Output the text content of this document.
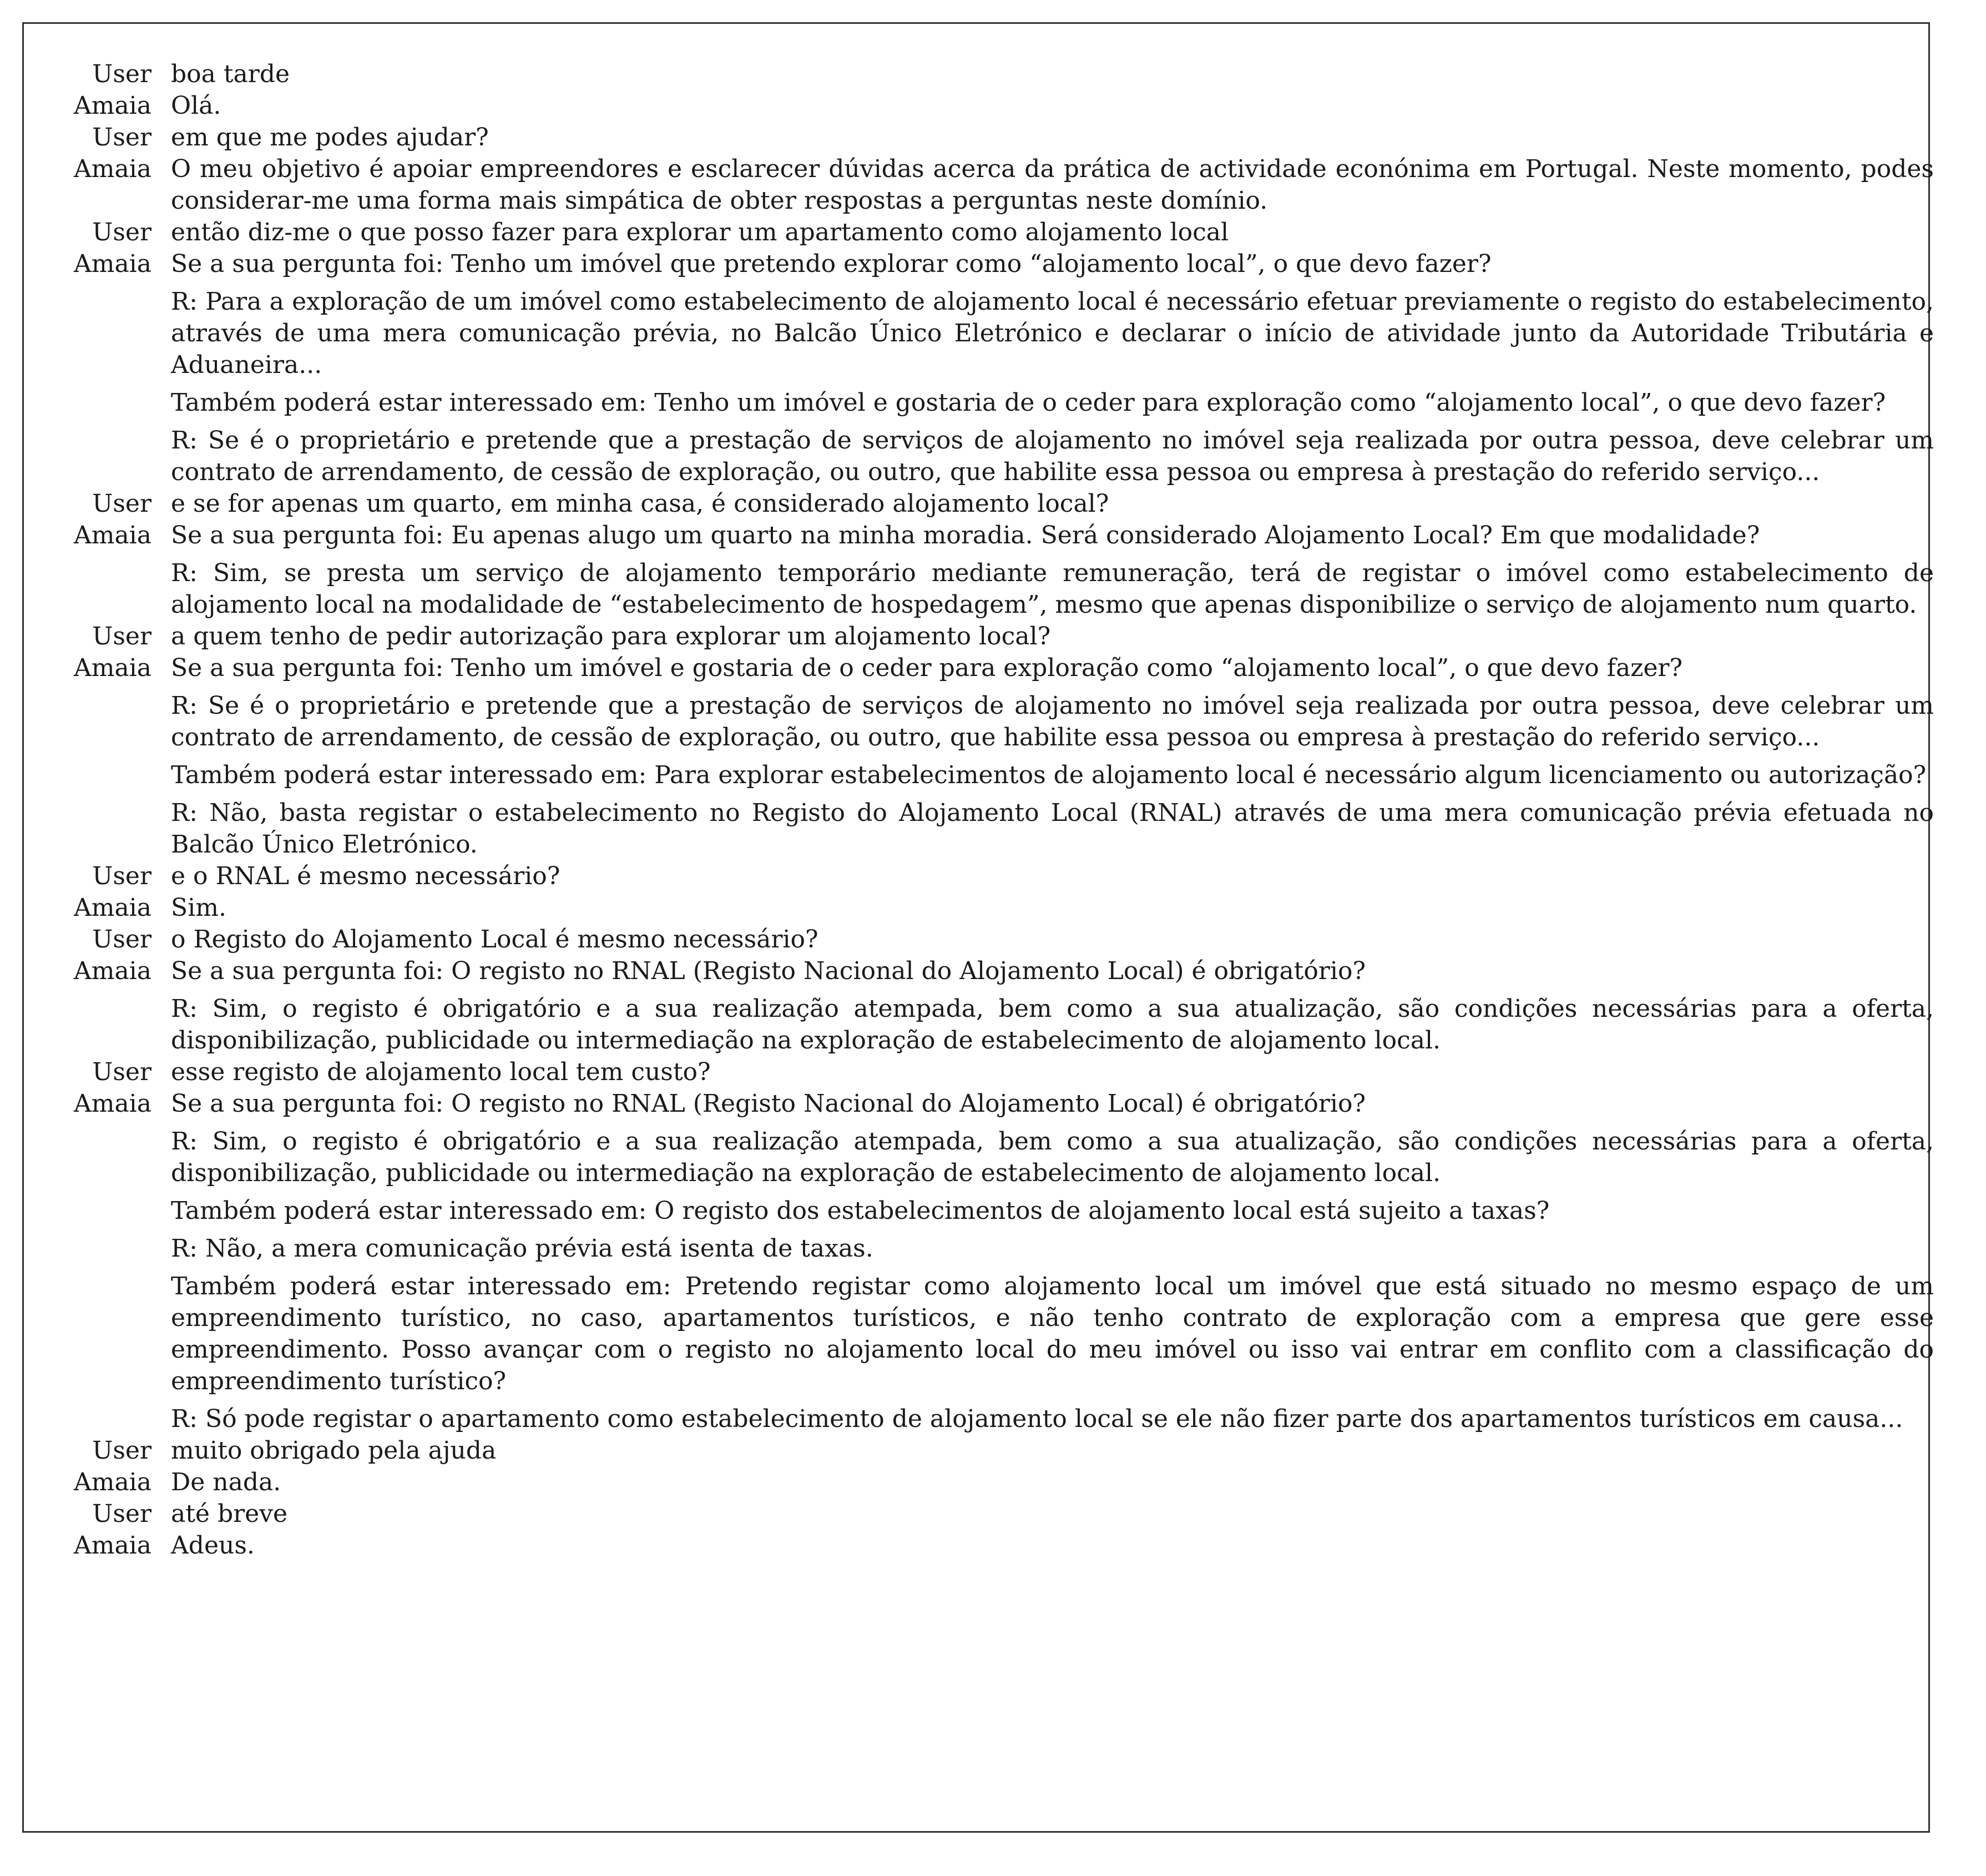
User boa tarde
Amaia Olá.
User em que me podes ajudar?
Amaia O meu objetivo é apoiar empreendores e esclarecer dúvidas acerca da prática de actividade econónima em Portugal. Neste momento, podes considerar-me uma forma mais simpática de obter respostas a perguntas neste domínio.
User então diz-me o que posso fazer para explorar um apartamento como alojamento local
Amaia Se a sua pergunta foi: Tenho um imóvel que pretendo explorar como “alojamento local”, o que devo fazer?
R: Para a exploração de um imóvel como estabelecimento de alojamento local é necessário efetuar previamente o registo do estabelecimento, através de uma mera comunicação prévia, no Balcão Único Eletrónico e declarar o início de atividade junto da Autoridade Tributária e Aduaneira...
Também poderá estar interessado em: Tenho um imóvel e gostaria de o ceder para exploração como “alojamento local”, o que devo fazer?
R: Se é o proprietário e pretende que a prestação de serviços de alojamento no imóvel seja realizada por outra pessoa, deve celebrar um contrato de arrendamento, de cessão de exploração, ou outro, que habilite essa pessoa ou empresa à prestação do referido serviço...
User e se for apenas um quarto, em minha casa, é considerado alojamento local?
Amaia Se a sua pergunta foi: Eu apenas alugo um quarto na minha moradia. Será considerado Alojamento Local? Em que modalidade?
R: Sim, se presta um serviço de alojamento temporário mediante remuneração, terá de registar o imóvel como estabelecimento de alojamento local na modalidade de “estabelecimento de hospedagem”, mesmo que apenas disponibilize o serviço de alojamento num quarto.
User a quem tenho de pedir autorização para explorar um alojamento local?
Amaia Se a sua pergunta foi: Tenho um imóvel e gostaria de o ceder para exploração como “alojamento local”, o que devo fazer?
R: Se é o proprietário e pretende que a prestação de serviços de alojamento no imóvel seja realizada por outra pessoa, deve celebrar um contrato de arrendamento, de cessão de exploração, ou outro, que habilite essa pessoa ou empresa à prestação do referido serviço...
Também poderá estar interessado em: Para explorar estabelecimentos de alojamento local é necessário algum licenciamento ou autorização?
R: Não, basta registar o estabelecimento no Registo do Alojamento Local (RNAL) através de uma mera comunicação prévia efetuada no Balcão Único Eletrónico.
User e o RNAL é mesmo necessário?
Amaia Sim.
User o Registo do Alojamento Local é mesmo necessário?
Amaia Se a sua pergunta foi: O registo no RNAL (Registo Nacional do Alojamento Local) é obrigatório?
R: Sim, o registo é obrigatório e a sua realização atempada, bem como a sua atualização, são condições necessárias para a oferta, disponibilização, publicidade ou intermediação na exploração de estabelecimento de alojamento local.
User esse registo de alojamento local tem custo?
Amaia Se a sua pergunta foi: O registo no RNAL (Registo Nacional do Alojamento Local) é obrigatório?
R: Sim, o registo é obrigatório e a sua realização atempada, bem como a sua atualização, são condições necessárias para a oferta, disponibilização, publicidade ou intermediação na exploração de estabelecimento de alojamento local.
Também poderá estar interessado em: O registo dos estabelecimentos de alojamento local está sujeito a taxas?
R: Não, a mera comunicação prévia está isenta de taxas.
Também poderá estar interessado em: Pretendo registar como alojamento local um imóvel que está situado no mesmo espaço de um empreendimento turístico, no caso, apartamentos turísticos, e não tenho contrato de exploração com a empresa que gere esse empreendimento. Posso avançar com o registo no alojamento local do meu imóvel ou isso vai entrar em conflito com a classificação do empreendimento turístico?
R: Só pode registar o apartamento como estabelecimento de alojamento local se ele não fizer parte dos apartamentos turísticos em causa...
User muito obrigado pela ajuda
Amaia De nada.
User até breve
Amaia Adeus.
